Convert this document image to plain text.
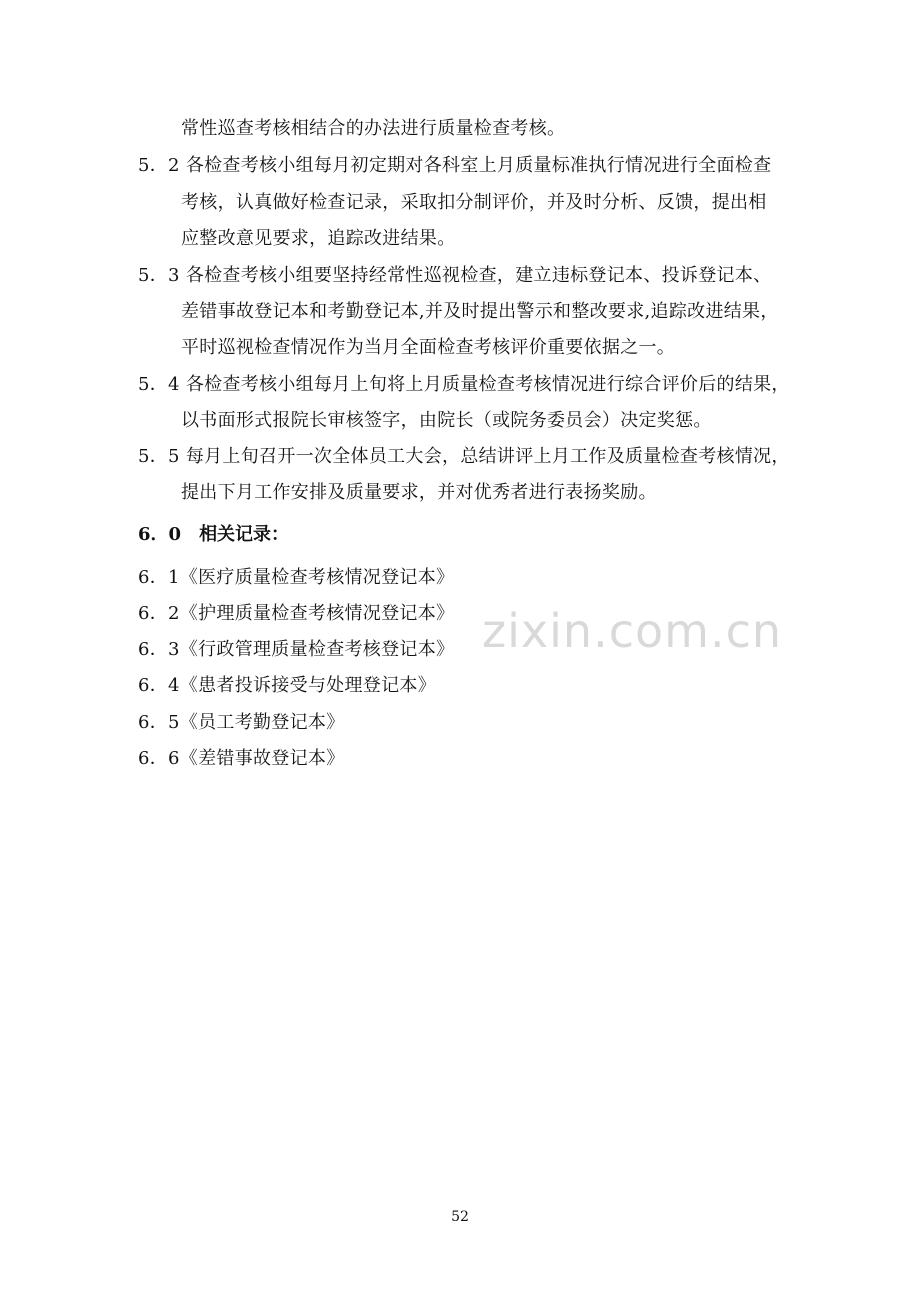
常性巡查考核相结合的办法进行质量检查考核。
5．2 各检查考核小组每月初定期对各科室上月质量标准执行情况进行全面检查
考核，认真做好检查记录，采取扣分制评价，并及时分析、反馈，提出相
应整改意见要求，追踪改进结果。
5．3 各检查考核小组要坚持经常性巡视检查，建立违标登记本、投诉登记本、
差错事故登记本和考勤登记本,并及时提出警示和整改要求,追踪改进结果，
平时巡视检查情况作为当月全面检查考核评价重要依据之一。
5．4 各检查考核小组每月上旬将上月质量检查考核情况进行综合评价后的结果，
以书面形式报院长审核签字，由院长（或院务委员会）决定奖惩。
5．5 每月上旬召开一次全体员工大会，总结讲评上月工作及质量检查考核情况，
提出下月工作安排及质量要求，并对优秀者进行表扬奖励。
6．0 相关记录：
6．1《医疗质量检查考核情况登记本》
6．2《护理质量检查考核情况登记本》
6．3《行政管理质量检查考核登记本》
6．4《患者投诉接受与处理登记本》
6．5《员工考勤登记本》
6．6《差错事故登记本》
zixin.com.cn
52
